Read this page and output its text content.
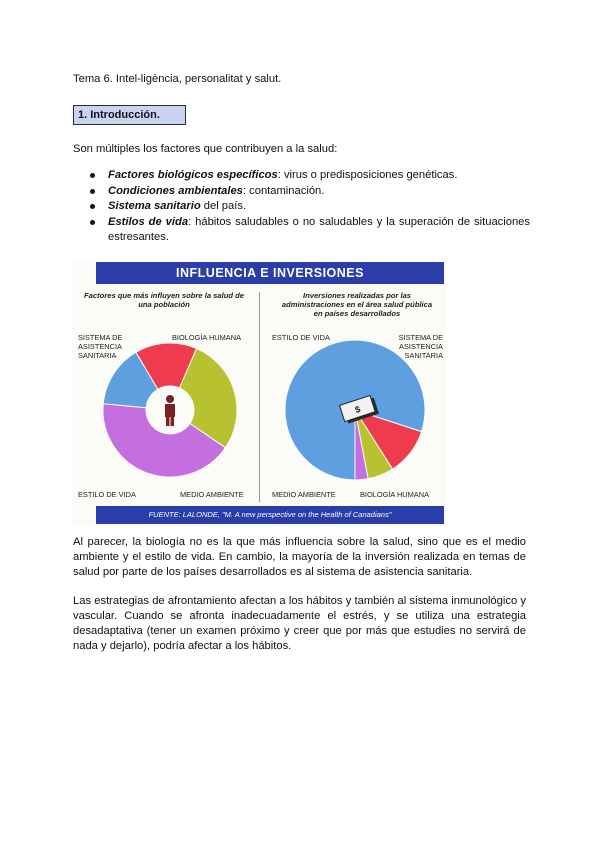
Tema 6. Intel-ligència, personalitat y salut.
1. Introducción.
Son múltiples los factores que contribuyen a la salud:
Factores biológicos específicos: virus o predisposiciones genéticas.
Condiciones ambientales: contaminación.
Sistema sanitario del país.
Estilos de vida: hábitos saludables o no saludables y la superación de situaciones estresantes.
INFLUENCIA E INVERSIONES
Factores que más influyen sobre la salud de una población
Inversiones realizadas por las administraciones en el área salud pública en países desarrollados
SISTEMA DE ASISTENCIA SANITARIA
BIOLOGÍA HUMANA
ESTILO DE VIDA	MEDIO AMBIENTE
ESTILO DE VIDA	SISTEMA DE ASISTENCIA SANITARIA
MEDIO AMBIENTE	BIOLOGÍA HUMANA
$
FUENTE: LALONDE, "M. A new perspective on the Health of Canadians"
Al parecer, la biología no es la que más influencia sobre la salud, sino que es el medio
ambiente y el estilo de vida. En cambio, la mayoría de la inversión realizada en temas de
salud por parte de los países desarrollados es al sistema de asistencia sanitaria.
Las estrategias de afrontamiento afectan a los hábitos y también al sistema inmunológico y
vascular. Cuando se afronta inadecuadamente el estrés, y se utiliza una estrategia
desadaptativa (tener un examen próximo y creer que por más que estudies no servirá de
nada y dejarlo), podría afectar a los hábitos.
